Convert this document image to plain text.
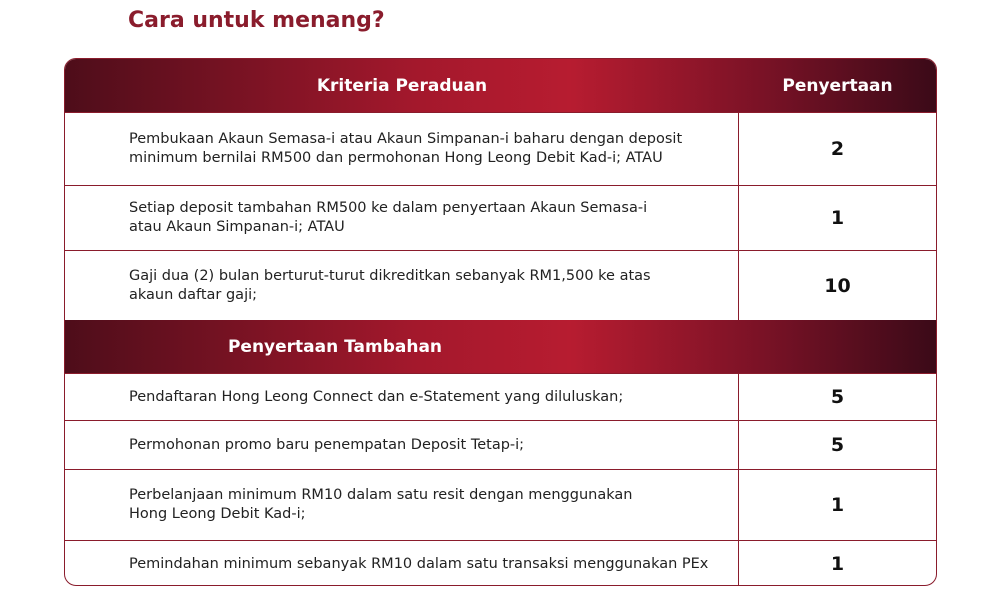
Cara untuk menang?
Kriteria Peraduan	Penyertaan
Pembukaan Akaun Semasa-i atau Akaun Simpanan-i baharu dengan deposit
minimum bernilai RM500 dan permohonan Hong Leong Debit Kad-i; ATAU	2
Setiap deposit tambahan RM500 ke dalam penyertaan Akaun Semasa-i
atau Akaun Simpanan-i; ATAU	1
Gaji dua (2) bulan berturut-turut dikreditkan sebanyak RM1,500 ke atas
akaun daftar gaji;	10
Penyertaan Tambahan
Pendaftaran Hong Leong Connect dan e-Statement yang diluluskan;	5
Permohonan promo baru penempatan Deposit Tetap-i;	5
Perbelanjaan minimum RM10 dalam satu resit dengan menggunakan
Hong Leong Debit Kad-i;	1
Pemindahan minimum sebanyak RM10 dalam satu transaksi menggunakan PEx	1
